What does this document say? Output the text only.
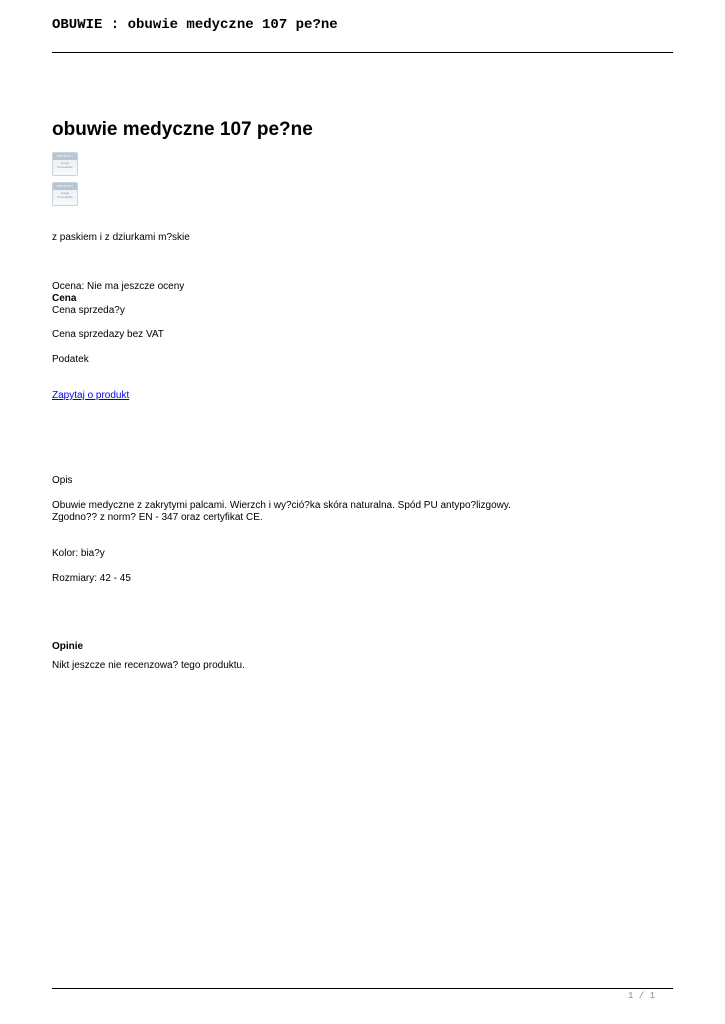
OBUWIE : obuwie medyczne 107 pe?ne
obuwie medyczne 107 pe?ne
PRODUCT
Image Unavailable
PRODUCT
Image Unavailable
z paskiem i z dziurkami m?skie
Ocena: Nie ma jeszcze oceny
Cena
Cena sprzeda?y
Cena sprzedazy bez VAT
Podatek
Zapytaj o produkt
Opis
Obuwie medyczne z zakrytymi palcami. Wierzch i wy?ció?ka skóra naturalna. Spód PU antypo?lizgowy.
Zgodno?? z norm? EN - 347 oraz certyfikat CE.
Kolor: bia?y
Rozmiary: 42 - 45
Opinie
Nikt jeszcze nie recenzowa? tego produktu.
1 / 1
